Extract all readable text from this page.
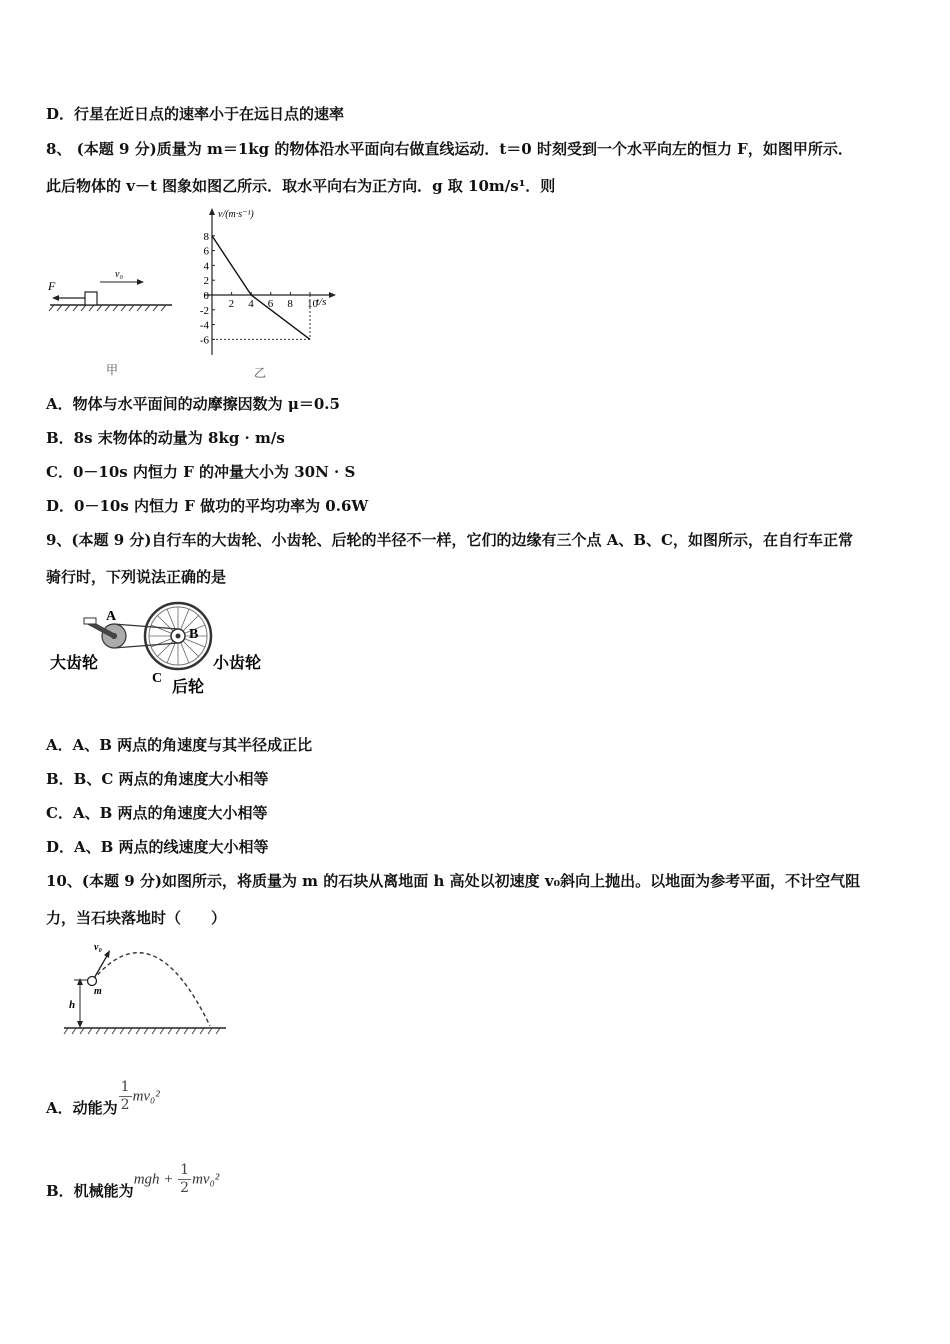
D．行星在近日点的速率小于在远日点的速率
8、 (本题 9 分)质量为 m＝1kg 的物体沿水平面向右做直线运动．t＝0 时刻受到一个水平向左的恒力 F，如图甲所示．
此后物体的 v－t 图象如图乙所示．取水平向右为正方向．g 取 10m/s¹．则
F
v₀
甲
v/(m·s⁻¹)
t/s
2 4 6 8 10
8
6
4
2
0
-2
-4
-6
乙
A．物体与水平面间的动摩擦因数为 μ＝0.5
B．8s 末物体的动量为 8kg · m/s
C．0－10s 内恒力 F 的冲量大小为 30N · S
D．0－10s 内恒力 F 做功的平均功率为 0.6W
9、(本题 9 分)自行车的大齿轮、小齿轮、后轮的半径不一样，它们的边缘有三个点 A、B、C，如图所示，在自行车正常
骑行时，下列说法正确的是
A
B
C
大齿轮	小齿轮
后轮
A．A、B 两点的角速度与其半径成正比
B．B、C 两点的角速度大小相等
C．A、B 两点的角速度大小相等
D．A、B 两点的线速度大小相等
10、(本题 9 分)如图所示，将质量为 m 的石块从离地面 h 高处以初速度 v₀斜向上抛出。以地面为参考平面，不计空气阻
力，当石块落地时（　　）
h
v₀
m
A．动能为 $\frac{1}{2} mv_0^2$
B．机械能为mgh + $\frac{1}{2} mv_0^2$
